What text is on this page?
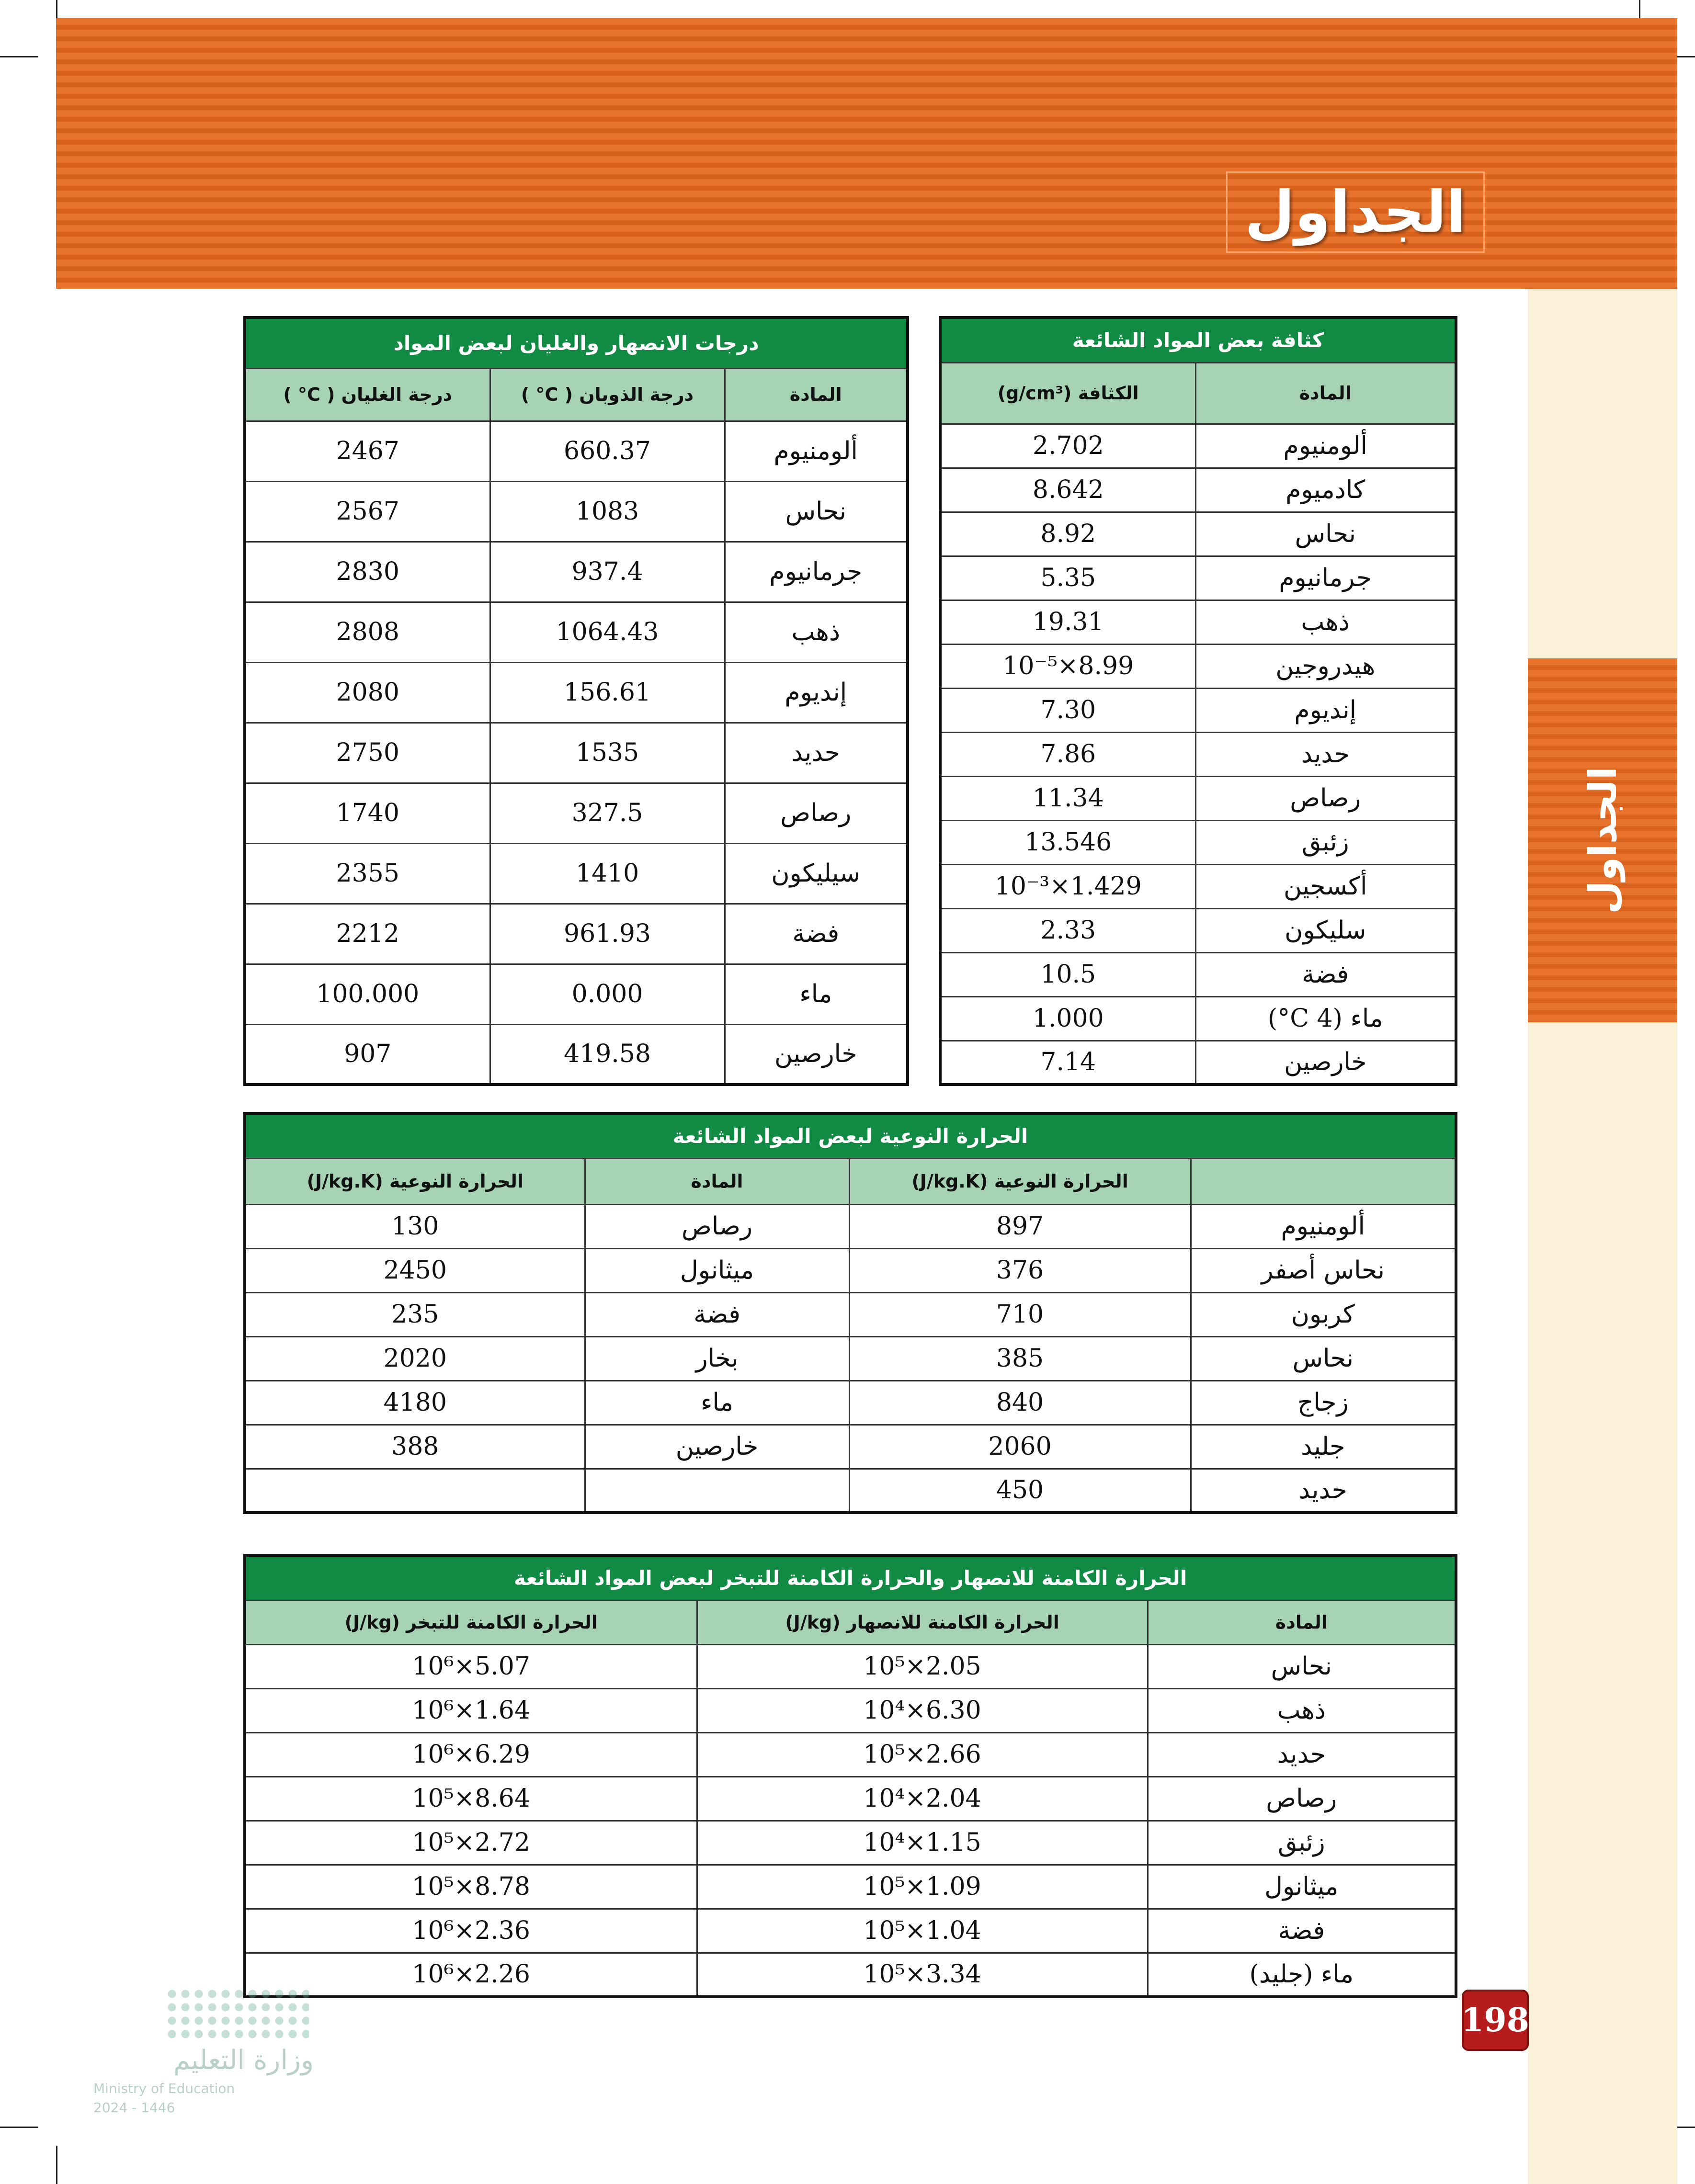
الجداول
الجداول
كثافة بعض المواد الشائعة	
المادة	الكثافة (g/cm³)
ألومنيوم	2.702
كادميوم	8.642
نحاس	8.92
جرمانيوم	5.35
ذهب	19.31
هيدروجين	8.99×10⁻⁵
إنديوم	7.30
حديد	7.86
رصاص	11.34
زئبق	13.546
أكسجين	1.429×10⁻³
سليكون	2.33
فضة	10.5
ماء (4 C°)	1.000
خارصين	7.14
درجات الانصهار والغليان لبعض المواد		
المادة	درجة الذوبان ( C° )	درجة الغليان ( C° )
ألومنيوم	660.37	2467
نحاس	1083	2567
جرمانيوم	937.4	2830
ذهب	1064.43	2808
إنديوم	156.61	2080
حديد	1535	2750
رصاص	327.5	1740
سيليكون	1410	2355
فضة	961.93	2212
ماء	0.000	100.000
خارصين	419.58	907
الحرارة النوعية لبعض المواد الشائعة			
	الحرارة النوعية (J/kg.K)	المادة	الحرارة النوعية (J/kg.K)
ألومنيوم	897	رصاص	130
نحاس أصفر	376	ميثانول	2450
كربون	710	فضة	235
نحاس	385	بخار	2020
زجاج	840	ماء	4180
جليد	2060	خارصين	388
حديد	450		
الحرارة الكامنة للانصهار والحرارة الكامنة للتبخر لبعض المواد الشائعة		
المادة	الحرارة الكامنة للانصهار (J/kg)	الحرارة الكامنة للتبخر (J/kg)
نحاس	2.05×10⁵	5.07×10⁶
ذهب	6.30×10⁴	1.64×10⁶
حديد	2.66×10⁵	6.29×10⁶
رصاص	2.04×10⁴	8.64×10⁵
زئبق	1.15×10⁴	2.72×10⁵
ميثانول	1.09×10⁵	8.78×10⁵
فضة	1.04×10⁵	2.36×10⁶
ماء (جليد)	3.34×10⁵	2.26×10⁶
198
وزارة التعليم
Ministry of Education
2024 - 1446
